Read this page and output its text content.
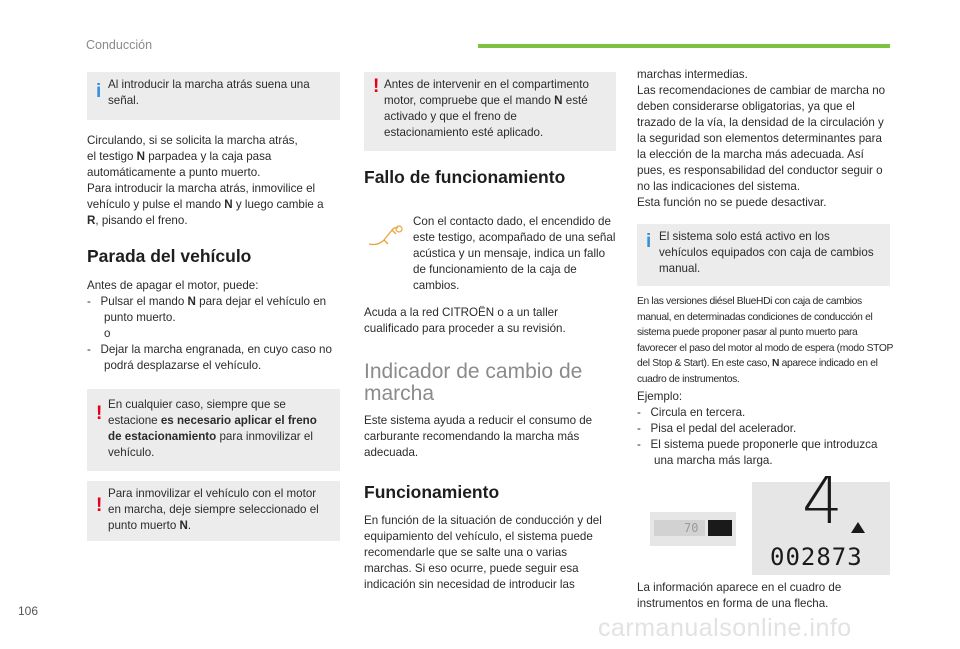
Conducción
i Al introducir la marcha atrás suena una señal.
Circulando, si se solicita la marcha atrás,
el testigo N parpadea y la caja pasa
automáticamente a punto muerto.
Para introducir la marcha atrás, inmovilice el
vehículo y pulse el mando N y luego cambie a
R, pisando el freno.
Parada del vehículo
Antes de apagar el motor, puede:
-   Pulsar el mando N para dejar el vehículo en punto muerto.
o
-   Dejar la marcha engranada, en cuyo caso no podrá desplazarse el vehículo.
! En cualquier caso, siempre que se estacione es necesario aplicar el freno de estacionamiento para inmovilizar el vehículo.
!
Para inmovilizar el vehículo con el motor en marcha, deje siempre seleccionado el punto muerto N.
! Antes de intervenir en el compartimento motor, compruebe que el mando N esté activado y que el freno de estacionamiento esté aplicado.
Fallo de funcionamiento
Con el contacto dado, el encendido de este testigo, acompañado de una señal acústica y un mensaje, indica un fallo de funcionamiento de la caja de cambios.
Acuda a la red CITROËN o a un taller cualificado para proceder a su revisión.
Indicador de cambio de marcha
Este sistema ayuda a reducir el consumo de carburante recomendando la marcha más adecuada.
Funcionamiento
En función de la situación de conducción y del equipamiento del vehículo, el sistema puede recomendarle que se salte una o varias marchas. Si eso ocurre, puede seguir esa indicación sin necesidad de introducir las
marchas intermedias.
Las recomendaciones de cambiar de marcha no deben considerarse obligatorias, ya que el trazado de la vía, la densidad de la circulación y la seguridad son elementos determinantes para la elección de la marcha más adecuada. Así pues, es responsabilidad del conductor seguir o no las indicaciones del sistema.
Esta función no se puede desactivar.
i El sistema solo está activo en los vehículos equipados con caja de cambios manual.
En las versiones diésel BlueHDi con caja de cambios manual, en determinadas condiciones de conducción el sistema puede proponer pasar al punto muerto para favorecer el paso del motor al modo de espera (modo STOP del Stop & Start). En este caso, N aparece indicado en el cuadro de instrumentos.
Ejemplo:
-   Circula en tercera.
-   Pisa el pedal del acelerador.
-   El sistema puede proponerle que introduzca una marcha más larga.
70 4
002873
La información aparece en el cuadro de instrumentos en forma de una flecha.
106
carmanualsonline.info
